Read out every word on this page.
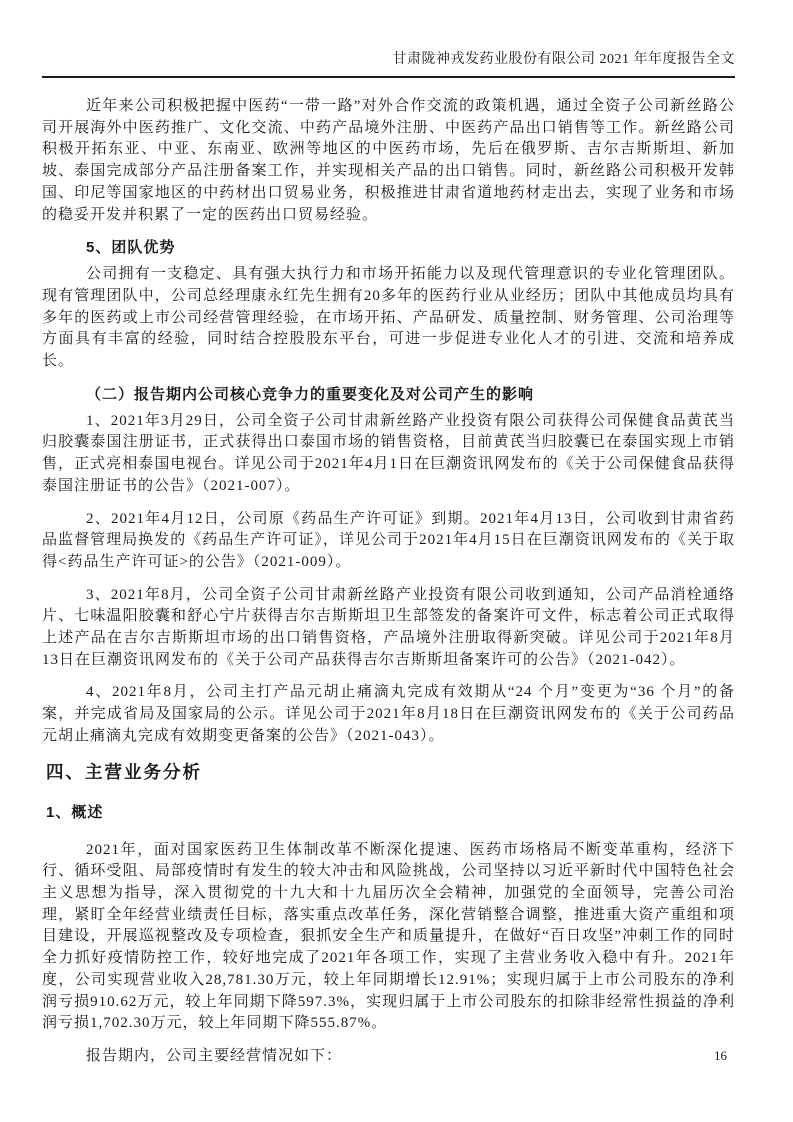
甘肃陇神戎发药业股份有限公司 2021 年年度报告全文

近年来公司积极把握中医药“一带一路”对外合作交流的政策机遇，通过全资子公司新丝路公司开展海外中医药推广、文化交流、中药产品境外注册、中医药产品出口销售等工作。新丝路公司积极开拓东亚、中亚、东南亚、欧洲等地区的中医药市场，先后在俄罗斯、吉尔吉斯斯坦、新加坡、泰国完成部分产品注册备案工作，并实现相关产品的出口销售。同时，新丝路公司积极开发韩国、印尼等国家地区的中药材出口贸易业务，积极推进甘肃省道地药材走出去，实现了业务和市场的稳妥开发并积累了一定的医药出口贸易经验。

5、团队优势

公司拥有一支稳定、具有强大执行力和市场开拓能力以及现代管理意识的专业化管理团队。现有管理团队中，公司总经理康永红先生拥有20多年的医药行业从业经历；团队中其他成员均具有多年的医药或上市公司经营管理经验，在市场开拓、产品研发、质量控制、财务管理、公司治理等方面具有丰富的经验，同时结合控股股东平台，可进一步促进专业化人才的引进、交流和培养成长。

（二）报告期内公司核心竞争力的重要变化及对公司产生的影响

1、2021年3月29日，公司全资子公司甘肃新丝路产业投资有限公司获得公司保健食品黄芪当归胶囊泰国注册证书，正式获得出口泰国市场的销售资格，目前黄芪当归胶囊已在泰国实现上市销售，正式亮相泰国电视台。详见公司于2021年4月1日在巨潮资讯网发布的《关于公司保健食品获得泰国注册证书的公告》（2021-007）。

2、2021年4月12日，公司原《药品生产许可证》到期。2021年4月13日，公司收到甘肃省药品监督管理局换发的《药品生产许可证》，详见公司于2021年4月15日在巨潮资讯网发布的《关于取得<药品生产许可证>的公告》（2021-009）。

3、2021年8月，公司全资子公司甘肃新丝路产业投资有限公司收到通知，公司产品消栓通络片、七味温阳胶囊和舒心宁片获得吉尔吉斯斯坦卫生部签发的备案许可文件，标志着公司正式取得上述产品在吉尔吉斯斯坦市场的出口销售资格，产品境外注册取得新突破。详见公司于2021年8月13日在巨潮资讯网发布的《关于公司产品获得吉尔吉斯斯坦备案许可的公告》（2021-042）。

4、2021年8月，公司主打产品元胡止痛滴丸完成有效期从“24 个月”变更为“36 个月”的备案，并完成省局及国家局的公示。详见公司于2021年8月18日在巨潮资讯网发布的《关于公司药品元胡止痛滴丸完成有效期变更备案的公告》（2021-043）。

四、主营业务分析

1、概述

2021年，面对国家医药卫生体制改革不断深化提速、医药市场格局不断变革重构，经济下行、循环受阻、局部疫情时有发生的较大冲击和风险挑战，公司坚持以习近平新时代中国特色社会主义思想为指导，深入贯彻党的十九大和十九届历次全会精神，加强党的全面领导，完善公司治理，紧盯全年经营业绩责任目标，落实重点改革任务，深化营销整合调整，推进重大资产重组和项目建设，开展巡视整改及专项检查，狠抓安全生产和质量提升，在做好“百日攻坚”冲刺工作的同时全力抓好疫情防控工作，较好地完成了2021年各项工作，实现了主营业务收入稳中有升。2021年度，公司实现营业收入28,781.30万元，较上年同期增长12.91%；实现归属于上市公司股东的净利润亏损910.62万元，较上年同期下降597.3%，实现归属于上市公司股东的扣除非经常性损益的净利润亏损1,702.30万元，较上年同期下降555.87%。

报告期内，公司主要经营情况如下：	16
